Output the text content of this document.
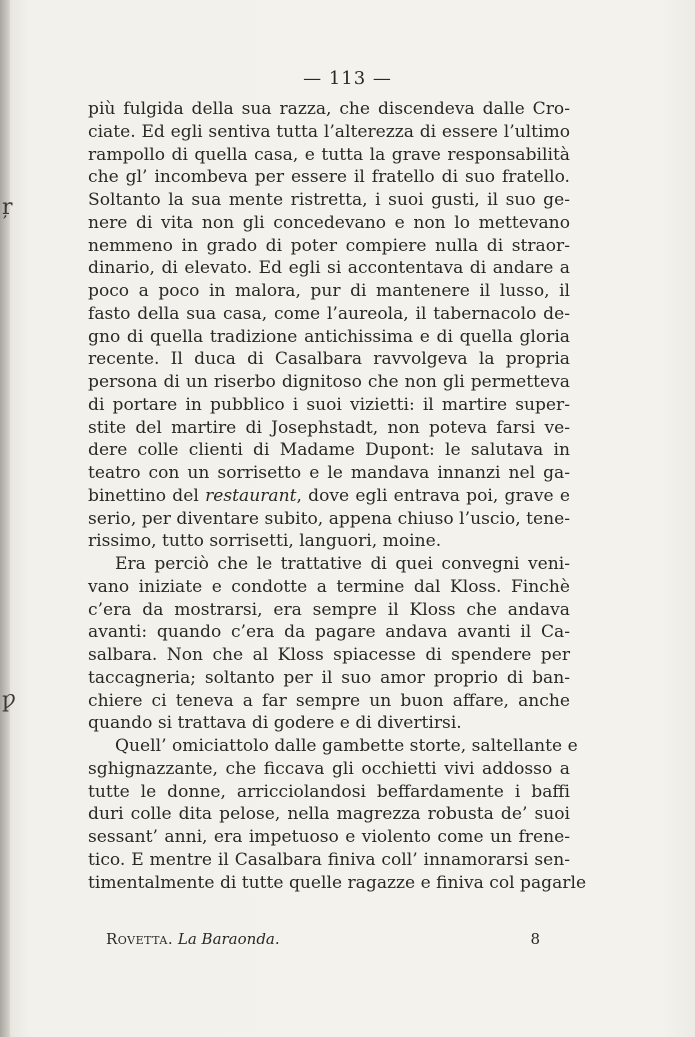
— 113 —
più fulgida della sua razza, che discendeva dalle Cro-
ciate. Ed egli sentiva tutta l’alterezza di essere l’ultimo
rampollo di quella casa, e tutta la grave responsabilità
che gl’ incombeva per essere il fratello di suo fratello.
Soltanto la sua mente ristretta, i suoi gusti, il suo ge-
nere di vita non gli concedevano e non lo mettevano
nemmeno in grado di poter compiere nulla di straor-
dinario, di elevato. Ed egli si accontentava di andare a
poco a poco in malora, pur di mantenere il lusso, il
fasto della sua casa, come l’aureola, il tabernacolo de-
gno di quella tradizione antichissima e di quella gloria
recente. Il duca di Casalbara ravvolgeva la propria
persona di un riserbo dignitoso che non gli permetteva
di portare in pubblico i suoi vizietti: il martire super-
stite del martire di Josephstadt, non poteva farsi ve-
dere colle clienti di Madame Dupont: le salutava in
teatro con un sorrisetto e le mandava innanzi nel ga-
binettino del restaurant, dove egli entrava poi, grave e
serio, per diventare subito, appena chiuso l’uscio, tene-
rissimo, tutto sorrisetti, languori, moine.
Era perciò che le trattative di quei convegni veni-
vano iniziate e condotte a termine dal Kloss. Finchè
c’era da mostrarsi, era sempre il Kloss che andava
avanti: quando c’era da pagare andava avanti il Ca-
salbara. Non che al Kloss spiacesse di spendere per
taccagneria; soltanto per il suo amor proprio di ban-
chiere ci teneva a far sempre un buon affare, anche
quando si trattava di godere e di divertirsi.
Quell’ omiciattolo dalle gambette storte, saltellante e
sghignazzante, che ficcava gli occhietti vivi addosso a
tutte le donne, arricciolandosi beffardamente i baffi
duri colle dita pelose, nella magrezza robusta de’ suoi
sessant’ anni, era impetuoso e violento come un frene-
tico. E mentre il Casalbara finiva coll’ innamorarsi sen-
timentalmente di tutte quelle ragazze e finiva col pagarle
ŗ
ƿ
Rovetta. La Baraonda.	8
